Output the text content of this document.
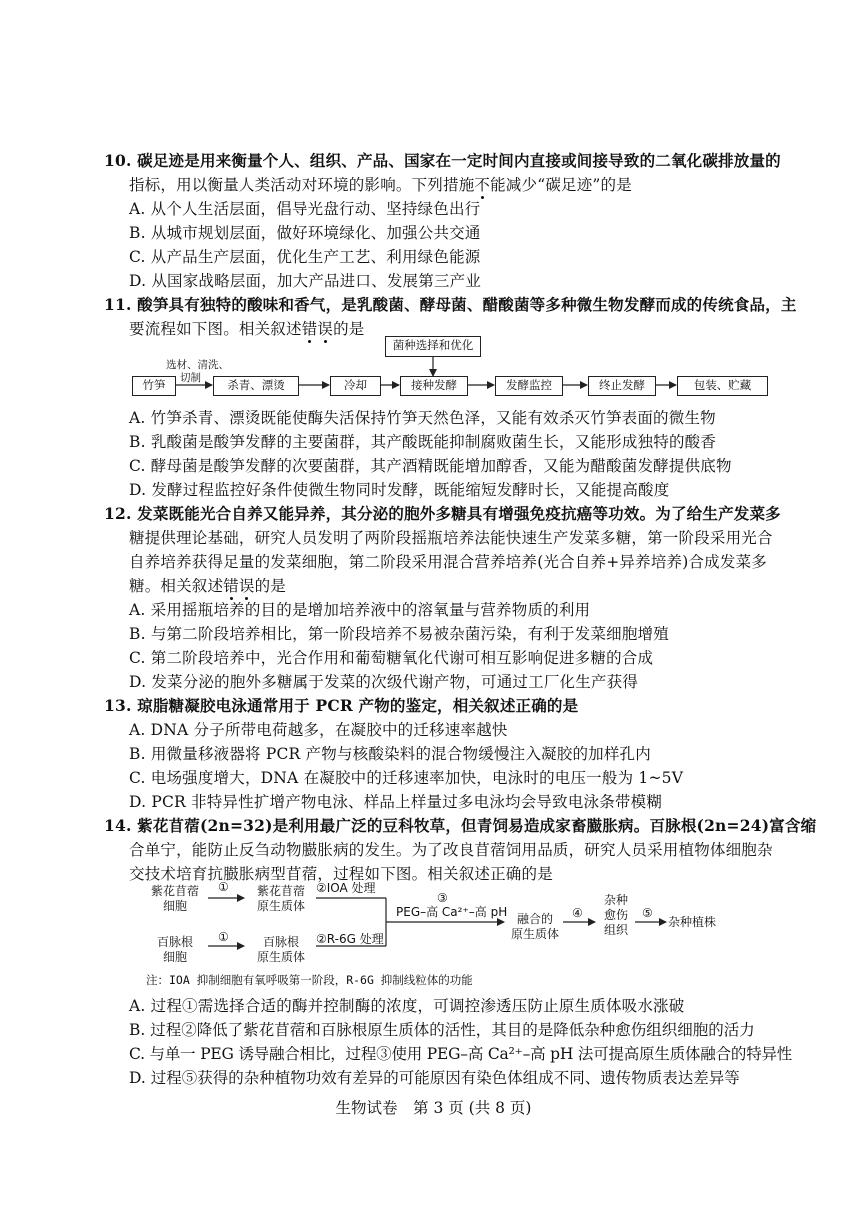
10. 碳足迹是用来衡量个人、组织、产品、国家在一定时间内直接或间接导致的二氧化碳排放量的
指标，用以衡量人类活动对环境的影响。下列措施不能减少“碳足迹”的是
A. 从个人生活层面，倡导光盘行动、坚持绿色出行
B. 从城市规划层面，做好环境绿化、加强公共交通
C. 从产品生产层面，优化生产工艺、利用绿色能源
D. 从国家战略层面，加大产品进口、发展第三产业
11. 酸笋具有独特的酸味和香气，是乳酸菌、酵母菌、醋酸菌等多种微生物发酵而成的传统食品，主
要流程如下图。相关叙述错误的是
菌种选择和优化
选材、清洗、
切制
竹笋	杀青、漂烫	冷却	接种发酵	发酵监控	终止发酵	包装、贮藏
A. 竹笋杀青、漂烫既能使酶失活保持竹笋天然色泽，又能有效杀灭竹笋表面的微生物
B. 乳酸菌是酸笋发酵的主要菌群，其产酸既能抑制腐败菌生长，又能形成独特的酸香
C. 酵母菌是酸笋发酵的次要菌群，其产酒精既能增加醇香，又能为醋酸菌发酵提供底物
D. 发酵过程监控好条件使微生物同时发酵，既能缩短发酵时长，又能提高酸度
12. 发菜既能光合自养又能异养，其分泌的胞外多糖具有增强免疫抗癌等功效。为了给生产发菜多
糖提供理论基础，研究人员发明了两阶段摇瓶培养法能快速生产发菜多糖，第一阶段采用光合
自养培养获得足量的发菜细胞，第二阶段采用混合营养培养(光合自养+异养培养)合成发菜多
糖。相关叙述错误的是
A. 采用摇瓶培养的目的是增加培养液中的溶氧量与营养物质的利用
B. 与第二阶段培养相比，第一阶段培养不易被杂菌污染，有利于发菜细胞增殖
C. 第二阶段培养中，光合作用和葡萄糖氧化代谢可相互影响促进多糖的合成
D. 发菜分泌的胞外多糖属于发菜的次级代谢产物，可通过工厂化生产获得
13. 琼脂糖凝胶电泳通常用于 PCR 产物的鉴定，相关叙述正确的是
A. DNA 分子所带电荷越多，在凝胶中的迁移速率越快
B. 用微量移液器将 PCR 产物与核酸染料的混合物缓慢注入凝胶的加样孔内
C. 电场强度增大，DNA 在凝胶中的迁移速率加快，电泳时的电压一般为 1~5V
D. PCR 非特异性扩增产物电泳、样品上样量过多电泳均会导致电泳条带模糊
14. 紫花苜蓿(2n=32)是利用最广泛的豆科牧草，但青饲易造成家畜臌胀病。百脉根(2n=24)富含缩
合单宁，能防止反刍动物臌胀病的发生。为了改良苜蓿饲用品质，研究人员采用植物体细胞杂
交技术培育抗臌胀病型苜蓿，过程如下图。相关叙述正确的是
紫花苜蓿
细胞
①	紫花苜蓿
原生质体
②IOA 处理
百脉根
细胞
①	百脉根
原生质体
②R-6G 处理
③
PEG–高 Ca²⁺–高 pH 融合的
原生质体
④
杂种
愈伤
组织
⑤
杂种植株
注：IOA 抑制细胞有氧呼吸第一阶段，R-6G 抑制线粒体的功能
A. 过程①需选择合适的酶并控制酶的浓度，可调控渗透压防止原生质体吸水涨破
B. 过程②降低了紫花苜蓿和百脉根原生质体的活性，其目的是降低杂种愈伤组织细胞的活力
C. 与单一 PEG 诱导融合相比，过程③使用 PEG–高 Ca²⁺–高 pH 法可提高原生质体融合的特异性
D. 过程⑤获得的杂种植物功效有差异的可能原因有染色体组成不同、遗传物质表达差异等
生物试卷　第 3 页 (共 8 页)
